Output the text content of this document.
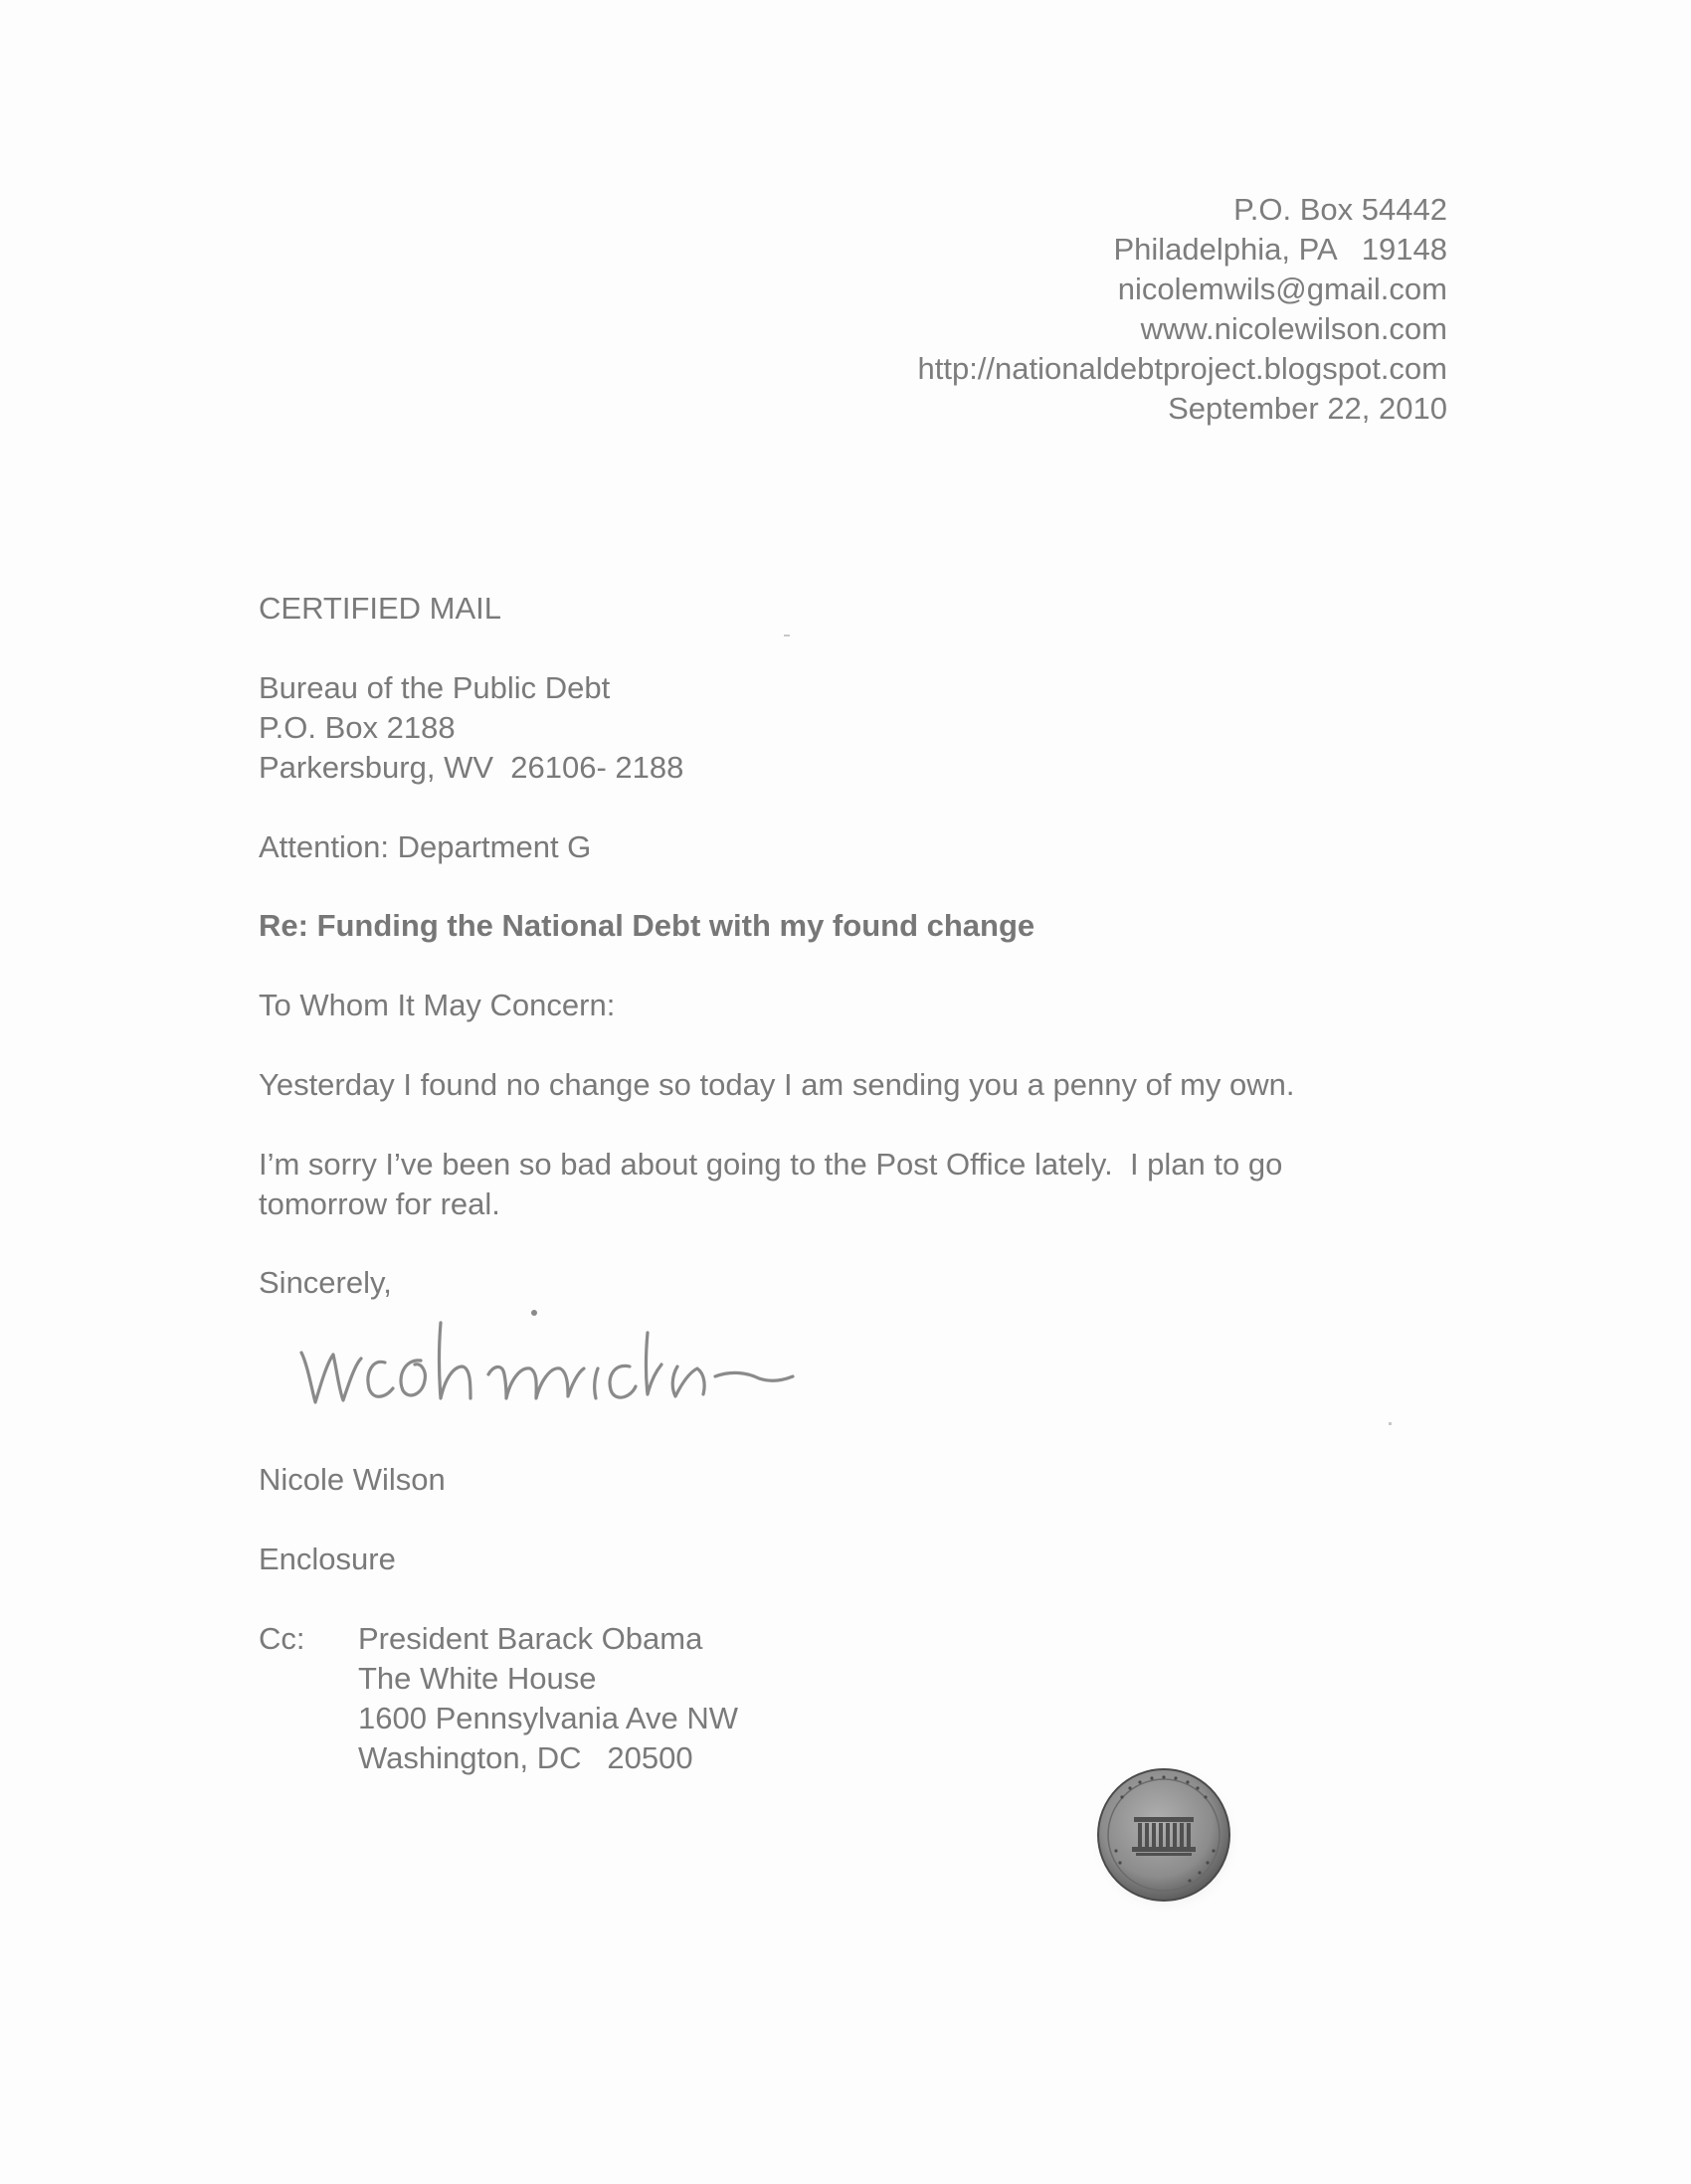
P.O. Box 54442
Philadelphia, PA   19148
nicolemwils@gmail.com
www.nicolewilson.com
http://nationaldebtproject.blogspot.com
September 22, 2010
CERTIFIED MAIL
Bureau of the Public Debt
P.O. Box 2188
Parkersburg, WV  26106- 2188
Attention: Department G
Re: Funding the National Debt with my found change
To Whom It May Concern:
Yesterday I found no change so today I am sending you a penny of my own.
I’m sorry I’ve been so bad about going to the Post Office lately.  I plan to go
tomorrow for real.
Sincerely,
Nicole Wilson
Enclosure
Cc:	President Barack Obama
The White House
1600 Pennsylvania Ave NW
Washington, DC   20500
